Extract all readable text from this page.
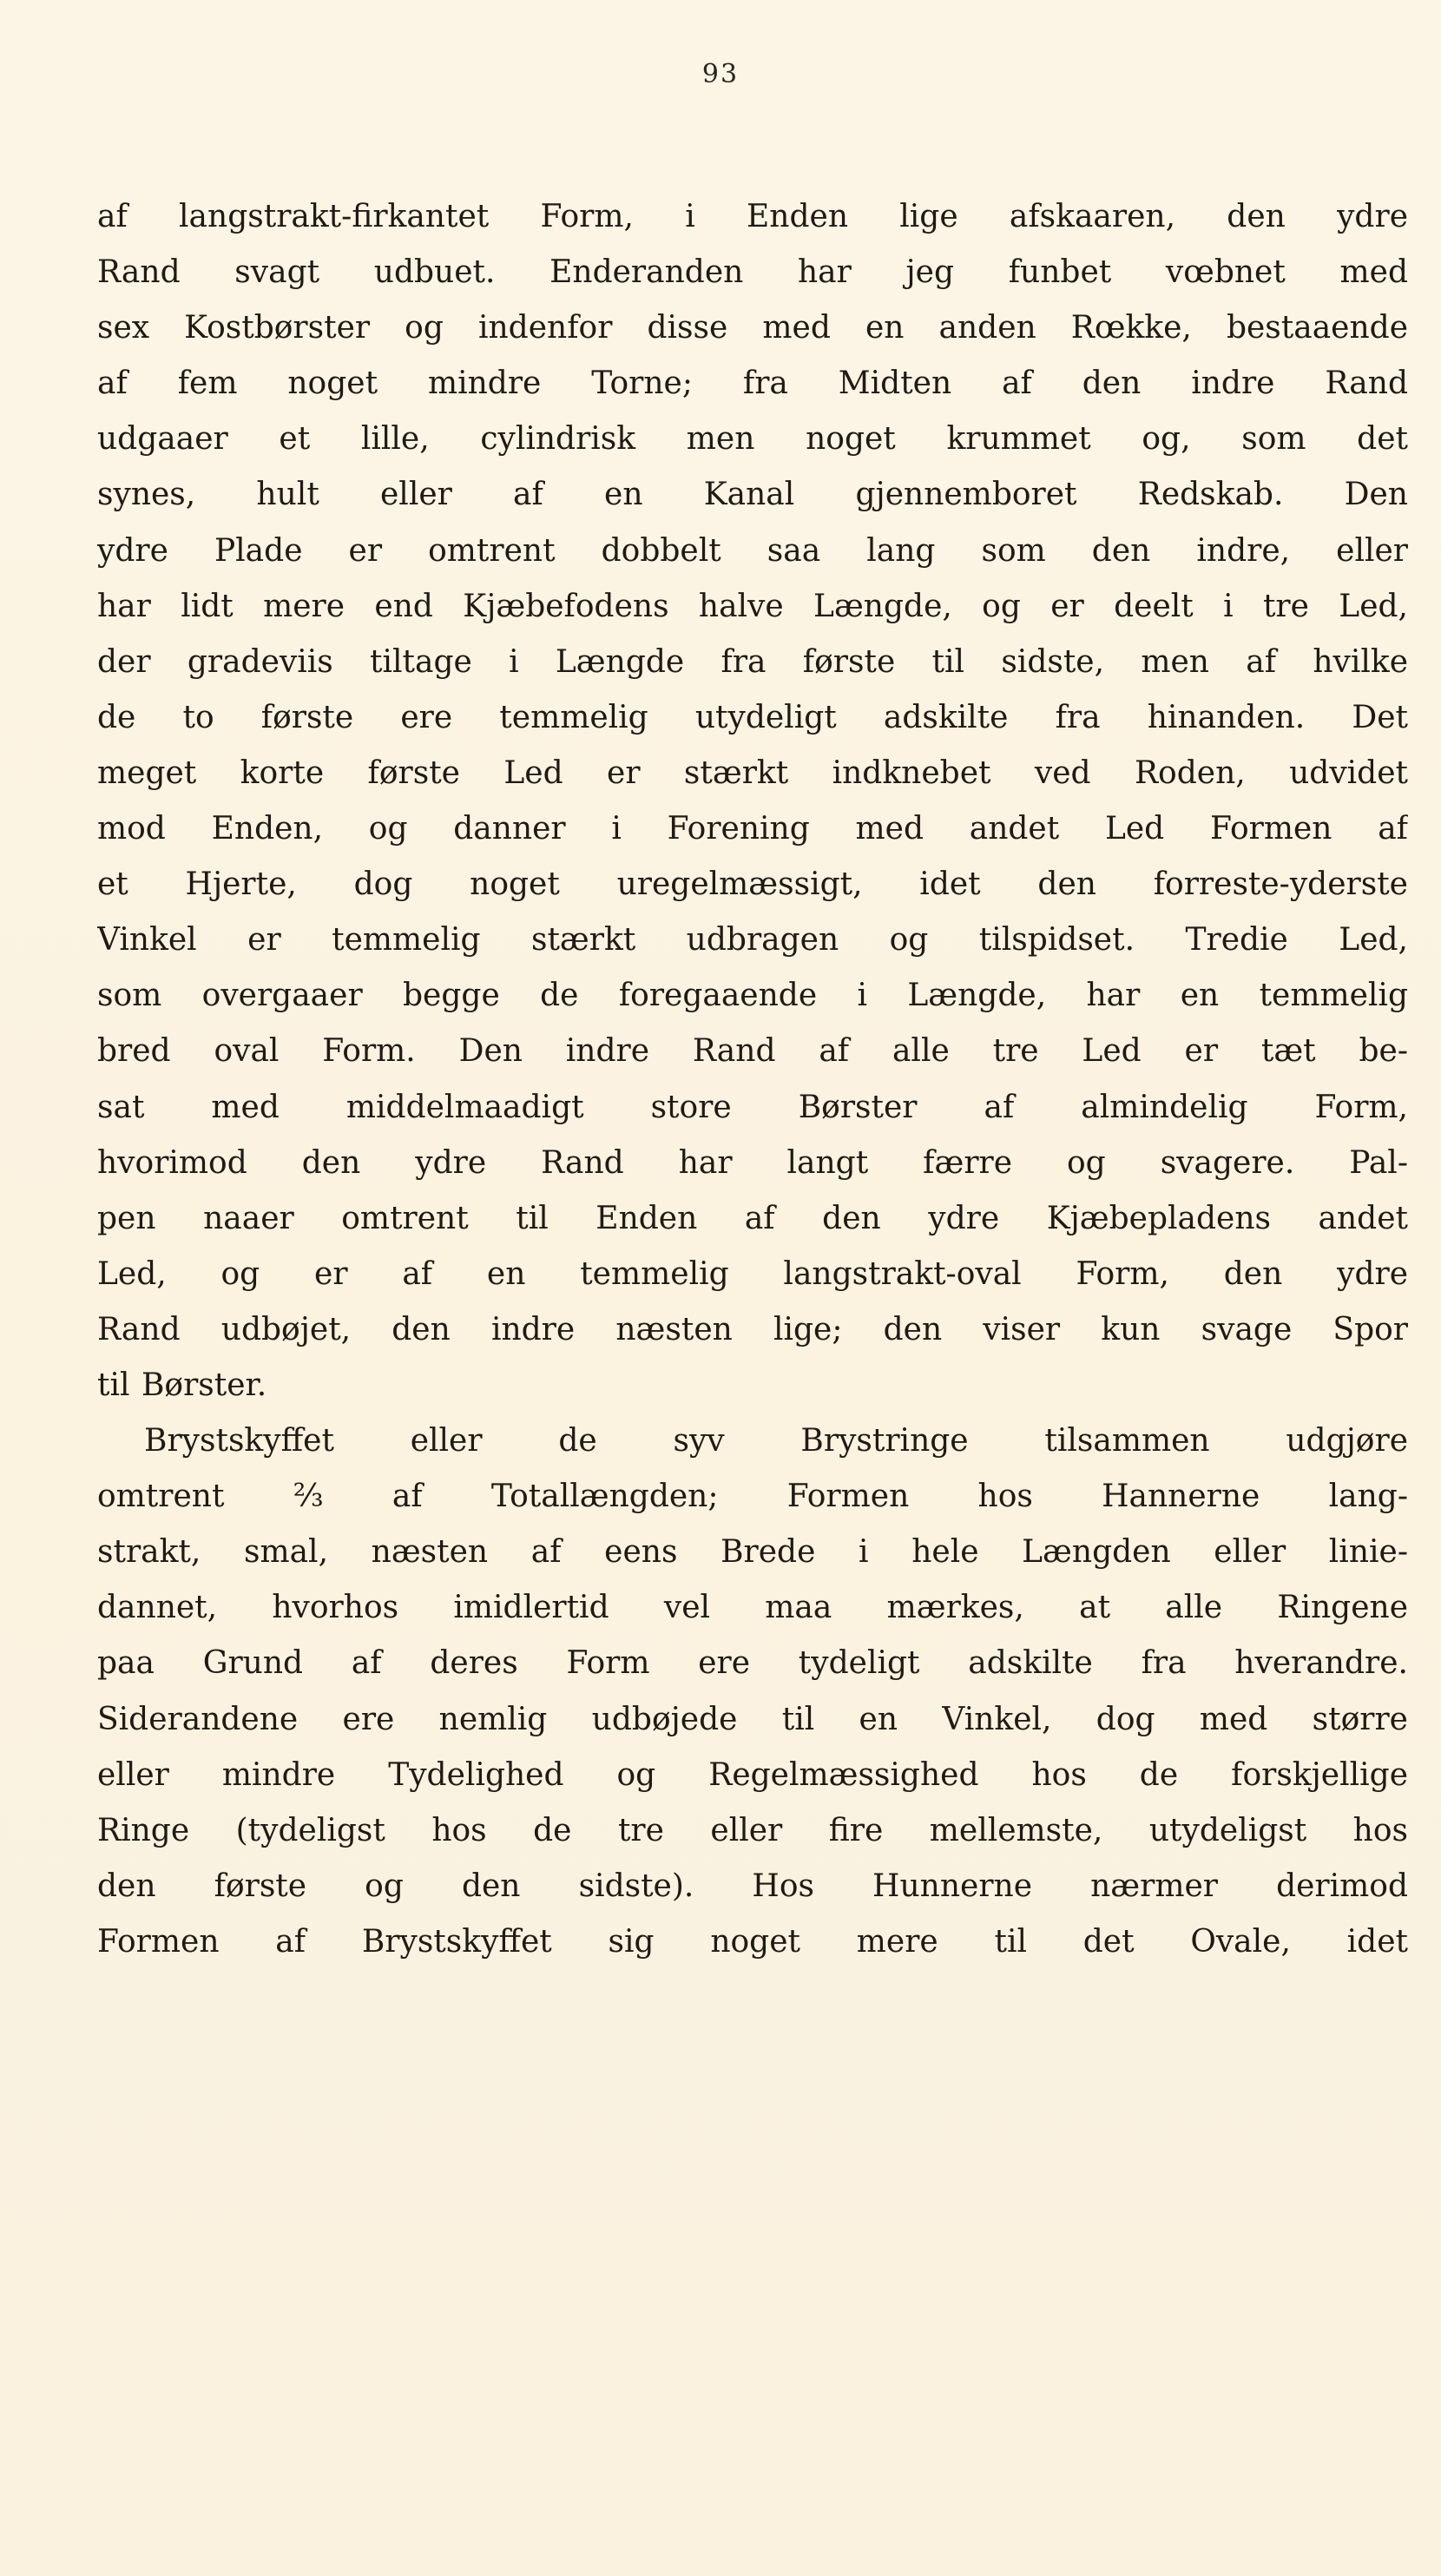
93
af langstrakt-firkantet Form, i Enden lige afskaaren, den ydre
Rand svagt udbuet. Enderanden har jeg funbet vœbnet med
sex Kostbørster og indenfor disse med en anden Rœkke, bestaaende
af fem noget mindre Torne; fra Midten af den indre Rand
udgaaer et lille, cylindrisk men noget krummet og, som det
synes, hult eller af en Kanal gjennemboret Redskab. Den
ydre Plade er omtrent dobbelt saa lang som den indre, eller
har lidt mere end Kjæbefodens halve Længde, og er deelt i tre Led,
der gradeviis tiltage i Længde fra første til sidste, men af hvilke
de to første ere temmelig utydeligt adskilte fra hinanden. Det
meget korte første Led er stærkt indknebet ved Roden, udvidet
mod Enden, og danner i Forening med andet Led Formen af
et Hjerte, dog noget uregelmæssigt, idet den forreste-yderste
Vinkel er temmelig stærkt udbragen og tilspidset. Tredie Led,
som overgaaer begge de foregaaende i Længde, har en temmelig
bred oval Form. Den indre Rand af alle tre Led er tæt be-
sat med middelmaadigt store Børster af almindelig Form,
hvorimod den ydre Rand har langt færre og svagere. Pal-
pen naaer omtrent til Enden af den ydre Kjæbepladens andet
Led, og er af en temmelig langstrakt-oval Form, den ydre
Rand udbøjet, den indre næsten lige; den viser kun svage Spor
til Børster.
Brystskyffet eller de syv Brystringe tilsammen udgjøre
omtrent ⅔ af Totallængden; Formen hos Hannerne lang-
strakt, smal, næsten af eens Brede i hele Længden eller linie-
dannet, hvorhos imidlertid vel maa mærkes, at alle Ringene
paa Grund af deres Form ere tydeligt adskilte fra hverandre.
Siderandene ere nemlig udbøjede til en Vinkel, dog med større
eller mindre Tydelighed og Regelmæssighed hos de forskjellige
Ringe (tydeligst hos de tre eller fire mellemste, utydeligst hos
den første og den sidste). Hos Hunnerne nærmer derimod
Formen af Brystskyffet sig noget mere til det Ovale, idet
